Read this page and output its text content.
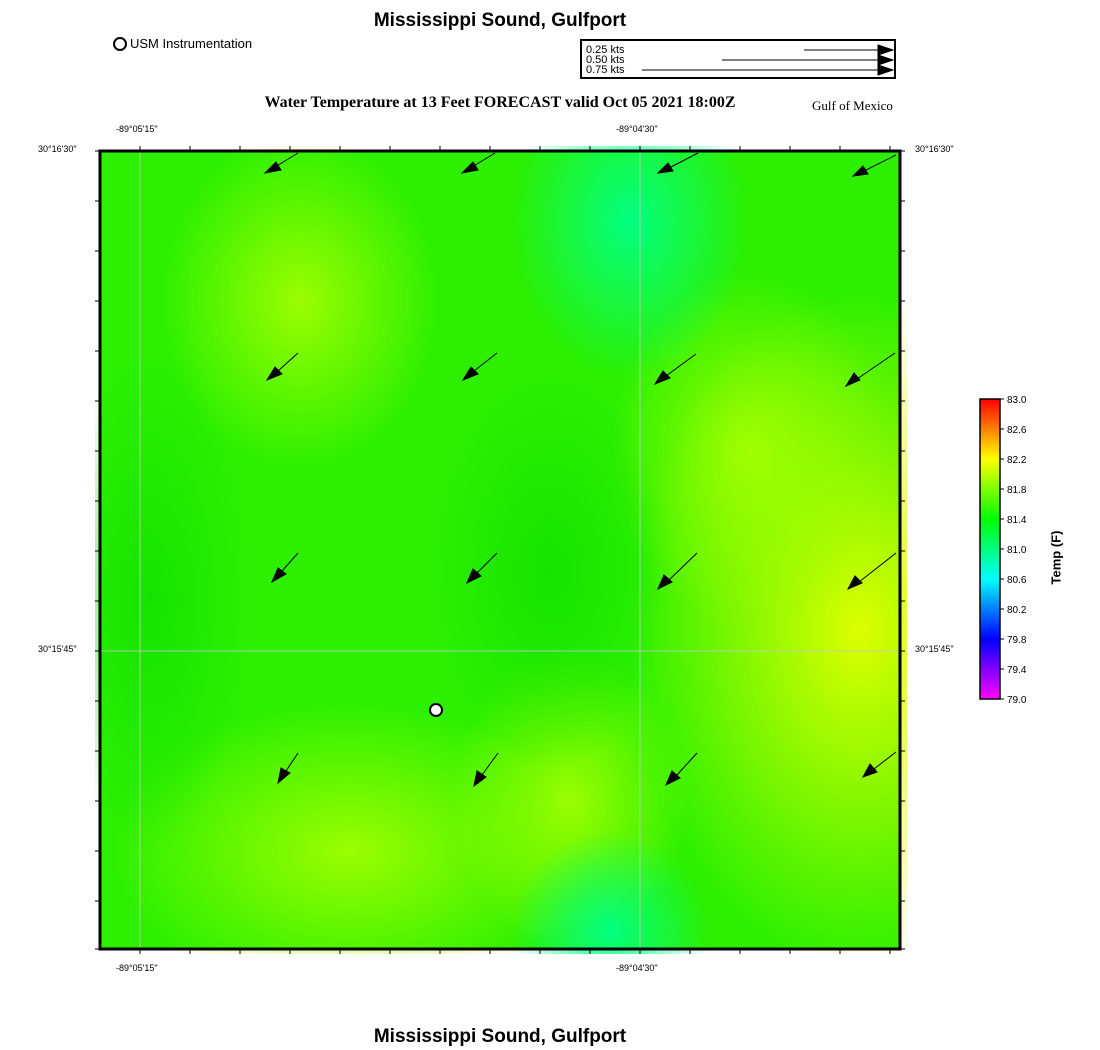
Mississippi Sound, Gulfport
USM Instrumentation	0.25 kts
0.50 kts
0.75 kts
Water Temperature at 13 Feet FORECAST valid Oct 05 2021 18:00Z	Gulf of Mexico
-89°05'15"	-89°04'30"
-89°05'15"	-89°04'30"
30°16'30"
30°15'45"
30°16'30"
30°15'45"
83.0
82.6
82.2
81.8
81.4
81.0
80.6
80.2
79.8
79.4
79.0
Temp (F)
Mississippi Sound, Gulfport
